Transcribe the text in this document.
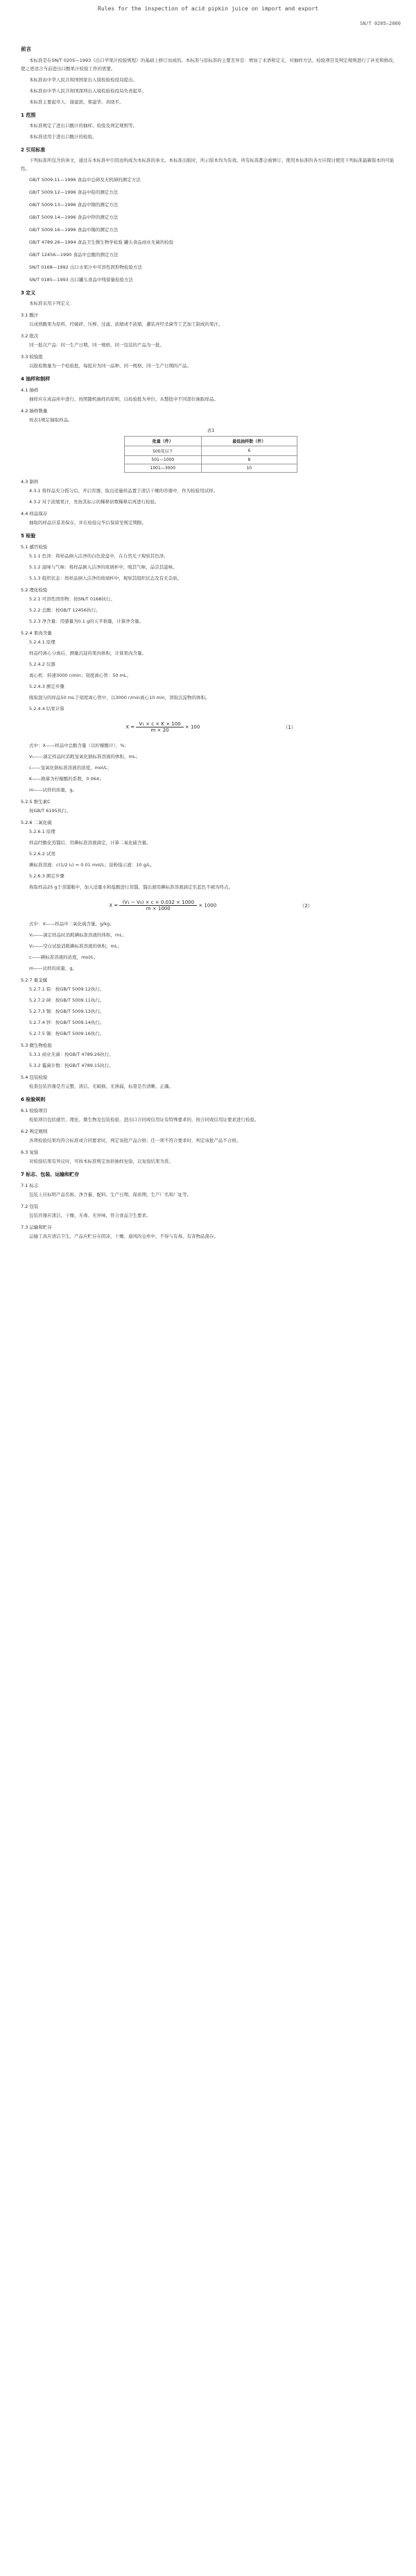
Rules for the inspection of acid pipkin juice on import and export
SN/T 0205—2000
前言
本标准是在SN/T 0205—1993《出口苹果汁检验规程》的基础上修订而成的。本标准与原标准的主要差异是：增加了术语和定义，对抽样方法、检验项目及判定规则进行了补充和修改，使之更适合当前进出口酸果汁检验工作的需要。
本标准由中华人民共和国国家出入境检验检疫局提出。
本标准由中华人民共和国深圳出入境检验检疫局负责起草。
本标准主要起草人：谢建滨、郑建华、黄晓平。
1 范围
本标准规定了进出口酸汁的抽样、检验及判定规则等。
本标准适用于进出口酸汁的检验。
2 引用标准
下列标准所包含的条文，通过在本标准中引用而构成为本标准的条文。本标准出版时，所示版本均为有效。所有标准都会被修订，使用本标准的各方应探讨使用下列标准最新版本的可能性。
GB/T 5009.11—1996 食品中总砷及无机砷的测定方法
GB/T 5009.12—1996 食品中铅的测定方法
GB/T 5009.13—1996 食品中铜的测定方法
GB/T 5009.14—1996 食品中锌的测定方法
GB/T 5009.16—1996 食品中锡的测定方法
GB/T 4789.26—1994 食品卫生微生物学检验 罐头食品商业无菌的检验
GB/T 12456—1990 食品中总酸的测定方法
SN/T 0168—1992 出口水果汁中可溶性固形物检验方法
SN/T 0185—1993 出口罐头食品中残留量检验方法
3 定义
本标准采用下列定义：
3.1 酸汁
以成熟酸果为原料，经破碎、压榨、过滤、浓缩或不浓缩，灌装并经杀菌等工艺加工制成的果汁。
3.2 批次
同一批次产品：同一生产日期、同一规格、同一包装的产品为一批。
3.3 检验批
以报检数量为一个检验批，每批应为同一品种、同一规格、同一生产日期的产品。
4 抽样和制样
4.1 抽样
抽样应在成品库中进行，按照随机抽样的原则，以检验批为单位，从整批中不同部位抽取样品。
4.2 抽样数量
按表1规定抽取样品。
表1
批量（件）	最低抽样数（件）
500及以下	6
501—1000	8
1001—3000	10
4.3 制样
4.3.1 将样品充分摇匀后，开启容器，取出适量样品置于清洁干燥的容器中，作为检验用试样。
4.3.2 对于浓缩果汁，先按其标示的稀释倍数稀释后再进行检验。
4.4 样品保存
抽取的样品应妥善保存，并在检验完毕后保留至规定期限。
5 检验
5.1 感官检验
5.1.1 色泽：将样品倒入洁净的白色瓷盘中，在自然光下观察其色泽。
5.1.2 滋味与气味：将样品倒入洁净的玻璃杯中，嗅其气味，品尝其滋味。
5.1.3 组织状态：将样品倒入洁净的玻璃杯中，观察其组织状态及有无杂质。
5.2 理化检验
5.2.1 可溶性固形物：按SN/T 0168执行。
5.2.2 总酸：按GB/T 12456执行。
5.2.3 净含量：用感量为0.1 g的天平称量，计算净含量。
5.2.4 果肉含量
5.2.4.1 原理
样品经离心分离后，测量沉淀的果肉体积，计算果肉含量。
5.2.4.2 仪器
离心机：转速3000 r/min；刻度离心管：50 mL。
5.2.4.3 测定步骤
吸取混匀的样品50 mL于刻度离心管中，以3000 r/min离心10 min，读取沉淀物的体积。
5.2.4.4 结果计算
$X = \frac{\text{V₁ × c × K × 100}}{m \times 20} \times 100$	（1）
式中：X——样品中总酸含量（以柠檬酸计），%；
V₁——滴定样品时消耗氢氧化钠标准溶液的体积，mL；
c——氢氧化钠标准溶液的浓度，mol/L；
K——换算为柠檬酸的系数，0.064；
m——试样的质量，g。
5.2.5 维生素C
按GB/T 6195执行。
5.2.6 二氧化硫
5.2.6.1 原理
样品经酸化蒸馏后，用碘标准溶液滴定，计算二氧化硫含量。
5.2.6.2 试剂
碘标准溶液：c(1/2 I₂) = 0.01 mol/L；淀粉指示液：10 g/L。
5.2.6.3 测定步骤
称取样品25 g于蒸馏瓶中，加入适量水和盐酸进行蒸馏，馏出液用碘标准溶液滴定至蓝色不褪为终点。
$X = \frac{\text{(V₁ − V₀) × c × 0.032 × 1000}}{m \times 1000} \times 1000$	（2）
式中：X——样品中二氧化硫含量，g/kg；
V₁——滴定样品时消耗碘标准溶液的体积，mL；
V₀——空白试验消耗碘标准溶液的体积，mL；
c——碘标准溶液的浓度，mol/L；
m——试样的质量，g。
5.2.7 重金属
5.2.7.1 铅：按GB/T 5009.12执行。
5.2.7.2 砷：按GB/T 5009.11执行。
5.2.7.3 铜：按GB/T 5009.13执行。
5.2.7.4 锌：按GB/T 5009.14执行。
5.2.7.5 锡：按GB/T 5009.16执行。
5.3 微生物检验
5.3.1 商业无菌：按GB/T 4789.26执行。
5.3.2 霉菌计数：按GB/T 4789.15执行。
5.4 包装检验
检查包装容器是否完整、清洁、无破损、无渗漏，标签是否清晰、正确。
6 检验规则
6.1 检验项目
检验项目包括感官、理化、微生物及包装检验，进出口合同或信用证有特殊要求的，按合同或信用证要求进行检验。
6.2 判定规则
各项检验结果均符合标准或合同要求时，判定该批产品合格；任一项不符合要求时，判定该批产品不合格。
6.3 复验
对检验结果有异议时，可按本标准规定加倍抽样复验，以复验结果为准。
7 标志、包装、运输和贮存
7.1 标志
包装上应标明产品名称、净含量、配料、生产日期、保质期、生产厂名和厂址等。
7.2 包装
包装容器应清洁、干燥、无毒、无异味，符合食品卫生要求。
7.3 运输和贮存
运输工具应清洁卫生，产品应贮存在阴凉、干燥、通风的仓库中，不得与有毒、有害物品混存。
